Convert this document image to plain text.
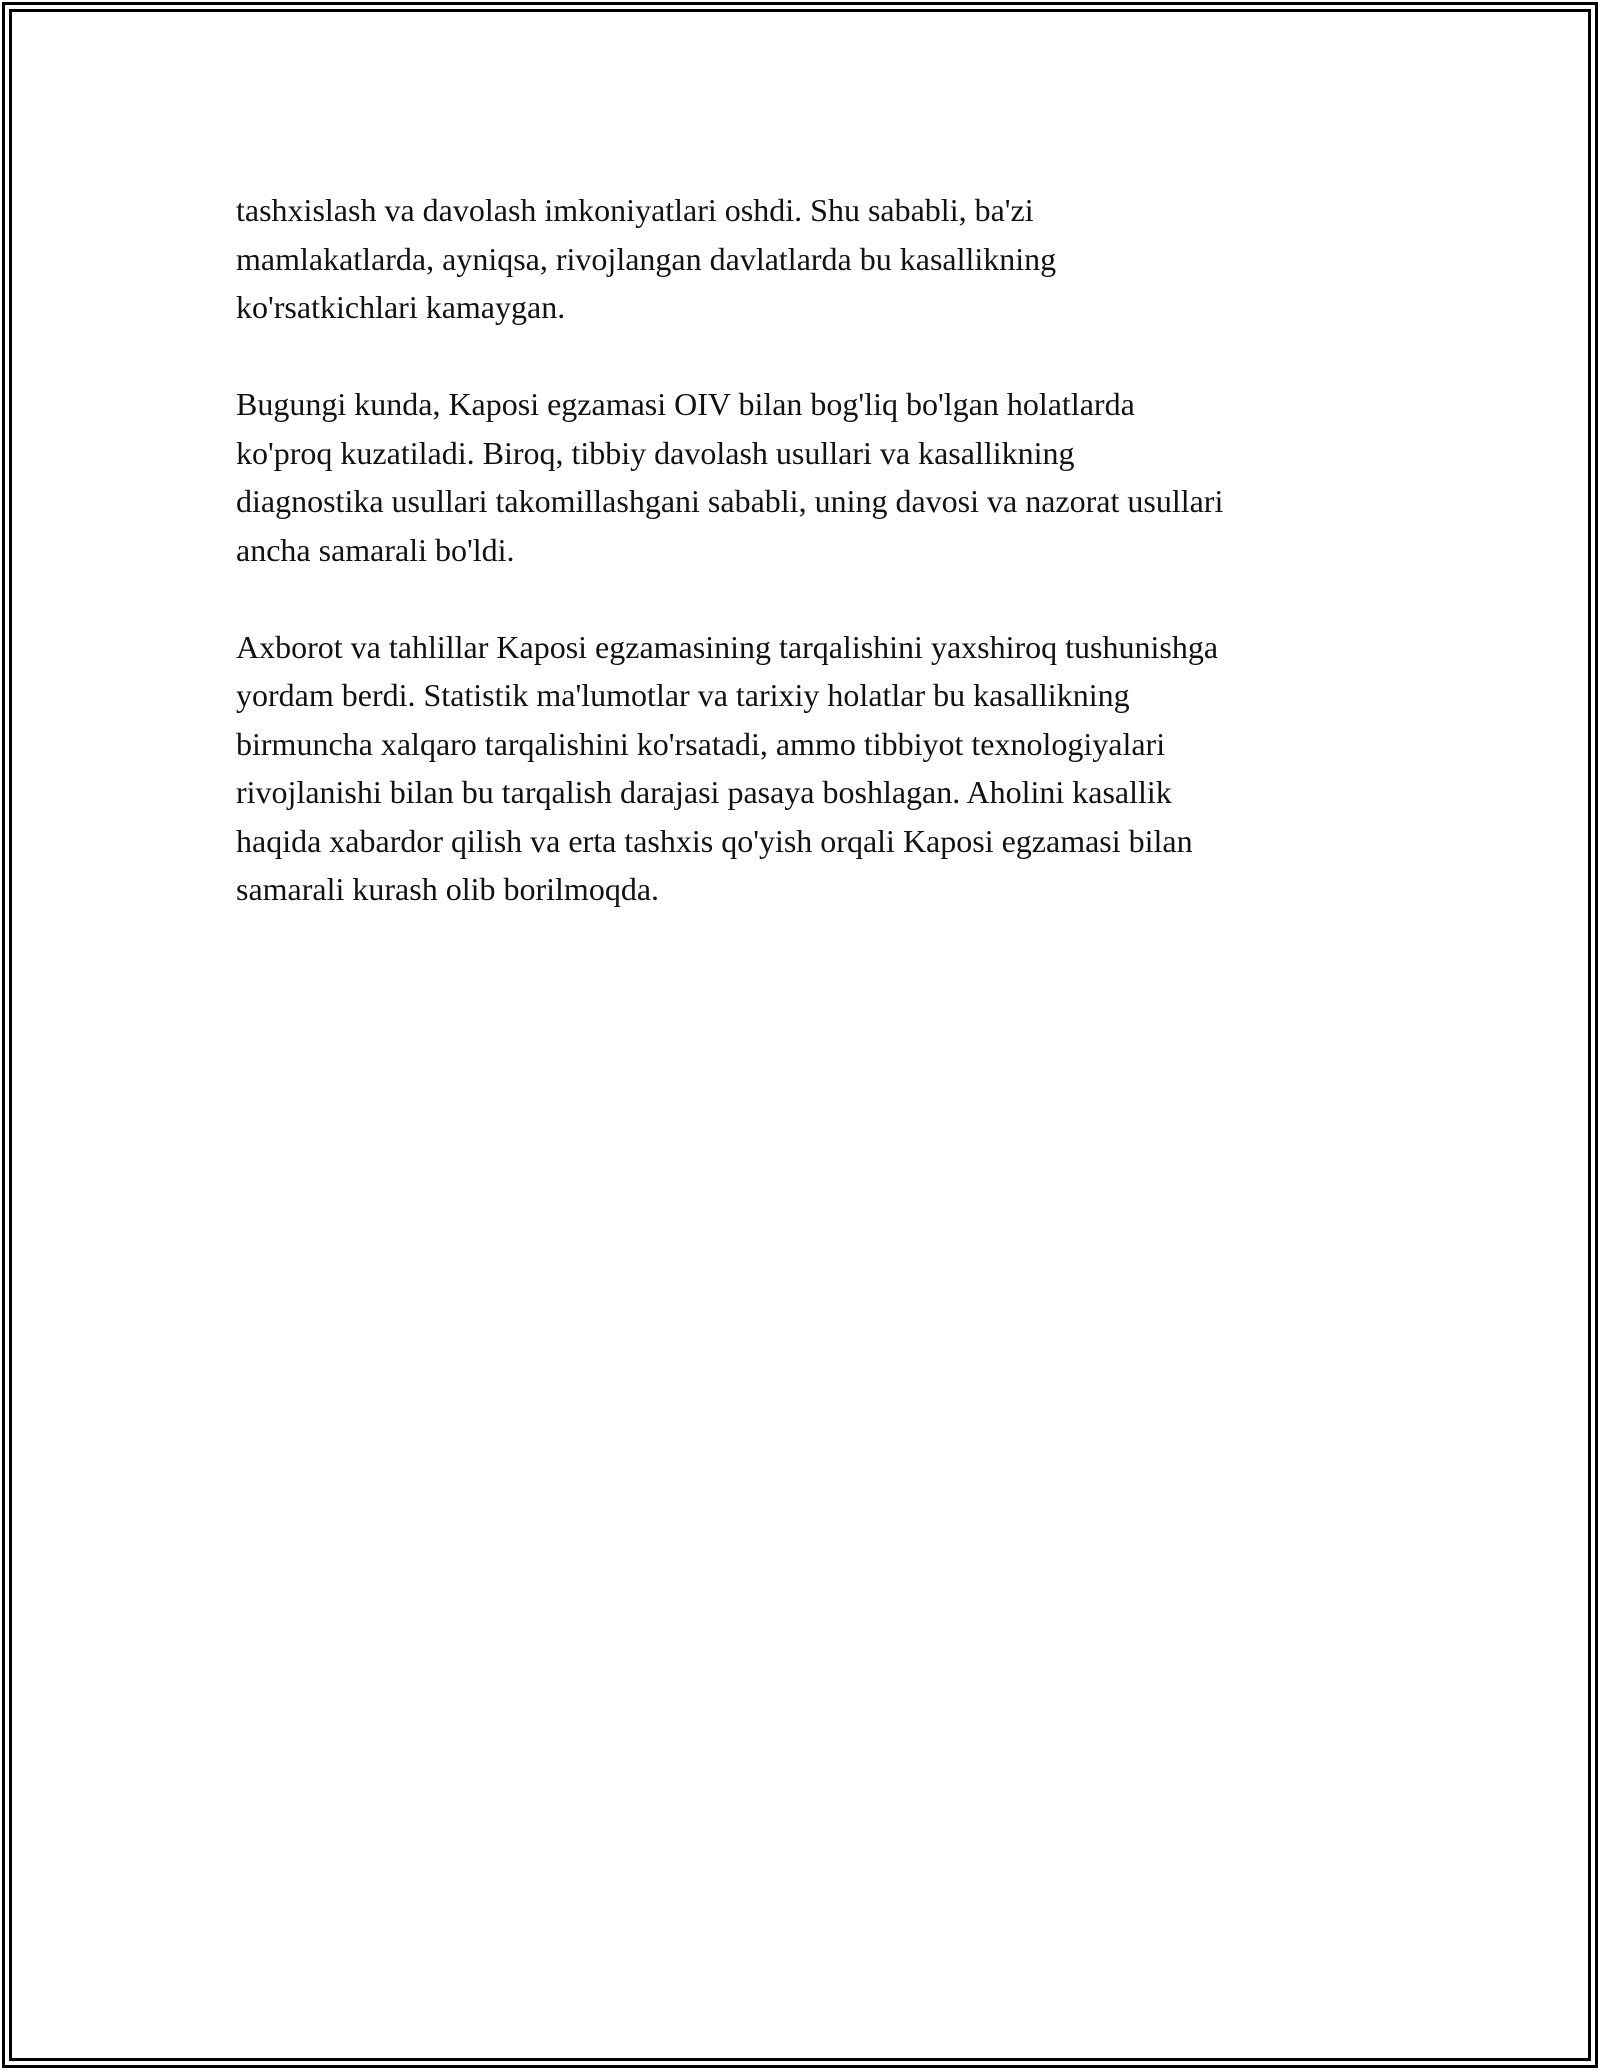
tashxislash va davolash imkoniyatlari oshdi. Shu sababli, ba'zi
mamlakatlarda, ayniqsa, rivojlangan davlatlarda bu kasallikning
ko'rsatkichlari kamaygan.

Bugungi kunda, Kaposi egzamasi OIV bilan bog'liq bo'lgan holatlarda
ko'proq kuzatiladi. Biroq, tibbiy davolash usullari va kasallikning
diagnostika usullari takomillashgani sababli, uning davosi va nazorat usullari
ancha samarali bo'ldi.

Axborot va tahlillar Kaposi egzamasining tarqalishini yaxshiroq tushunishga
yordam berdi. Statistik ma'lumotlar va tarixiy holatlar bu kasallikning
birmuncha xalqaro tarqalishini ko'rsatadi, ammo tibbiyot texnologiyalari
rivojlanishi bilan bu tarqalish darajasi pasaya boshlagan. Aholini kasallik
haqida xabardor qilish va erta tashxis qo'yish orqali Kaposi egzamasi bilan
samarali kurash olib borilmoqda.
